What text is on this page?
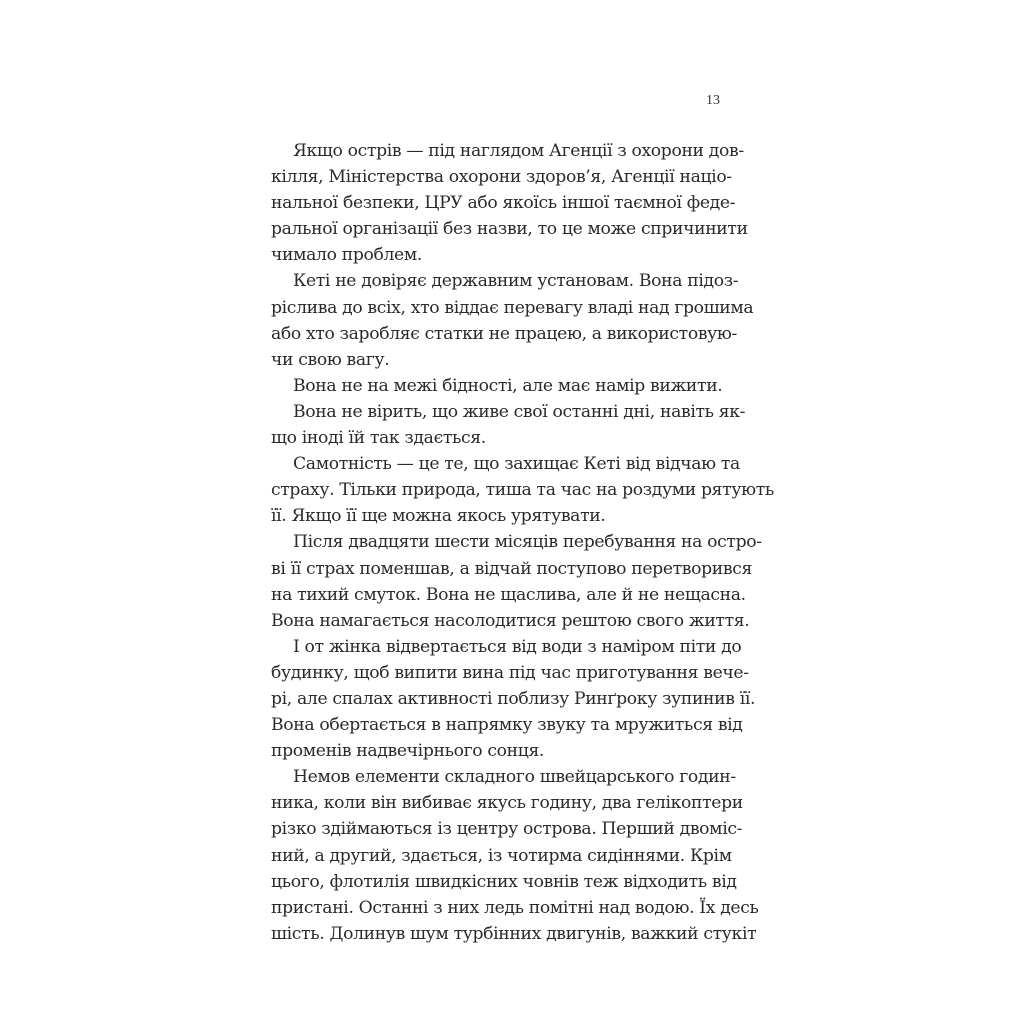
13

Якщо острів — під наглядом Агенції з охорони дов-
кілля, Міністерства охорони здоров’я, Агенції націо-
нальної безпеки, ЦРУ або якоїсь іншої таємної феде-
ральної організації без назви, то це може спричинити
чимало проблем.

Кеті не довіряє державним установам. Вона підоз-
ріслива до всіх, хто віддає перевагу владі над грошима
або хто заробляє статки не працею, а використовую-
чи свою вагу.

Вона не на межі бідності, але має намір вижити.

Вона не вірить, що живе свої останні дні, навіть як-
що іноді їй так здається.

Самотність — це те, що захищає Кеті від відчаю та
страху. Тільки природа, тиша та час на роздуми рятують
її. Якщо її ще можна якось урятувати.

Після двадцяти шести місяців перебування на остро-
ві її страх поменшав, а відчай поступово перетворився
на тихий смуток. Вона не щаслива, але й не нещасна.
Вона намагається насолодитися рештою свого життя.

І от жінка відвертається від води з наміром піти до
будинку, щоб випити вина під час приготування вече-
рі, але спалах активності поблизу Ринґроку зупинив її.
Вона обертається в напрямку звуку та мружиться від
променів надвечірнього сонця.

Немов елементи складного швейцарського годин-
ника, коли він вибиває якусь годину, два гелікоптери
різко здіймаються із центру острова. Перший двоміс-
ний, а другий, здається, із чотирма сидіннями. Крім
цього, флотилія швидкісних човнів теж відходить від
пристані. Останні з них ледь помітні над водою. Їх десь
шість. Долинув шум турбінних двигунів, важкий стукіт
